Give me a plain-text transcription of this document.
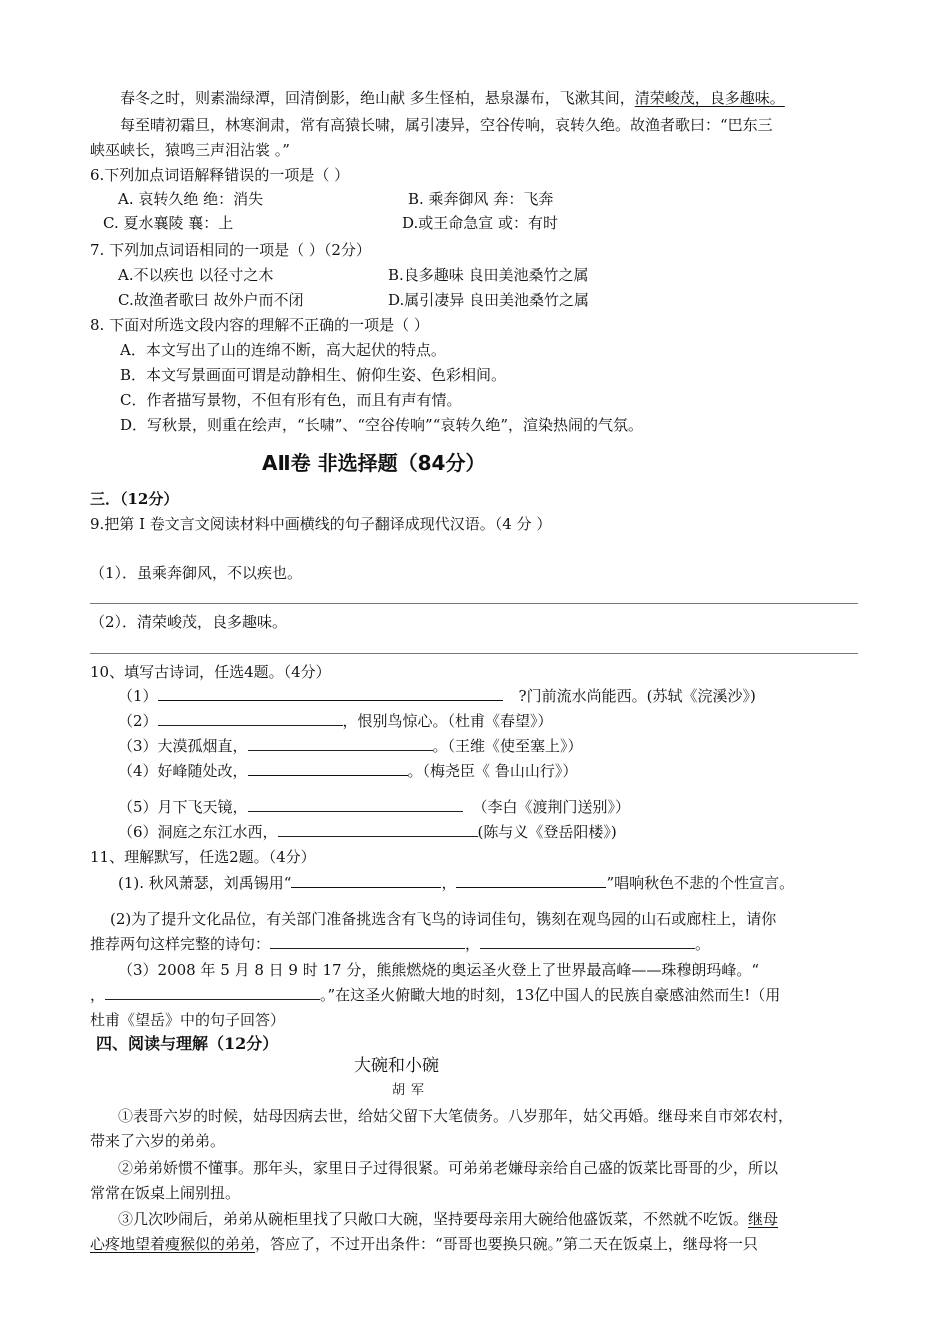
春冬之时，则素湍绿潭，回清倒影，绝山献 多生怪柏，悬泉瀑布，飞漱其间，清荣峻茂，良多趣味。
每至晴初霜旦，林寒涧肃，常有高猿长啸，属引凄异，空谷传响，哀转久绝。故渔者歌曰：“巴东三
峡巫峡长，猿鸣三声泪沾裳 。”
6.下列加点词语解释错误的一项是（ ）
A. 哀转久绝 绝：消失	B. 乘奔御风 奔：飞奔
C. 夏水襄陵 襄：上	D.或王命急宣 或：有时
7. 下列加点词语相同的一项是（ ）（2分）
A.不以疾也 以径寸之木	B.良多趣味 良田美池桑竹之属
C.故渔者歌曰 故外户而不闭	D.属引凄异 良田美池桑竹之属
8. 下面对所选文段内容的理解不正确的一项是（ ）
A．本文写出了山的连绵不断，高大起伏的特点。
B．本文写景画面可谓是动静相生、俯仰生姿、色彩相间。
C．作者描写景物，不但有形有色，而且有声有情。
D．写秋景，则重在绘声，“长啸”、“空谷传响”“哀转久绝”，渲染热闹的气氛。
AⅡ卷 非选择题（84分）
三．（12分）
9.把第 Ⅰ 卷文言文阅读材料中画横线的句子翻译成现代汉语。（4 分 ）
（1）．虽乘奔御风，不以疾也。
（2）．清荣峻茂，良多趣味。
10、填写古诗词，任选4题。（4分）
（1）	?门前流水尚能西。(苏轼《浣溪沙》)
（2）	，恨别鸟惊心。（杜甫《春望》）
（3）大漠孤烟直，	。（王维《使至塞上》）
（4）好峰随处改，	。（梅尧臣《 鲁山山行》）
（5）月下飞天镜，	（李白《渡荆门送别》）
（6）洞庭之东江水西，	(陈与义《登岳阳楼》)
11、理解默写，任选2题。（4分）
(1). 秋风萧瑟，刘禹锡用“	，	”唱响秋色不悲的个性宣言。
(2)为了提升文化品位，有关部门准备挑选含有飞鸟的诗词佳句，镌刻在观鸟园的山石或廊柱上，请你
推荐两句这样完整的诗句：	，	。
（3）2008 年 5 月 8 日 9 时 17 分，熊熊燃烧的奥运圣火登上了世界最高峰——珠穆朗玛峰。“
，	。”在这圣火俯瞰大地的时刻，13亿中国人的民族自豪感油然而生!（用
杜甫《望岳》中的句子回答）
四、阅读与理解（12分）
大碗和小碗
胡军
①表哥六岁的时候，姑母因病去世，给姑父留下大笔债务。八岁那年，姑父再婚。继母来自市郊农村，
带来了六岁的弟弟。
②弟弟娇惯不懂事。那年头，家里日子过得很紧。可弟弟老嫌母亲给自己盛的饭菜比哥哥的少，所以
常常在饭桌上闹别扭。
③几次吵闹后，弟弟从碗柜里找了只敞口大碗，坚持要母亲用大碗给他盛饭菜，不然就不吃饭。继母
心疼地望着瘦猴似的弟弟，答应了，不过开出条件：“哥哥也要换只碗。”第二天在饭桌上，继母将一只
